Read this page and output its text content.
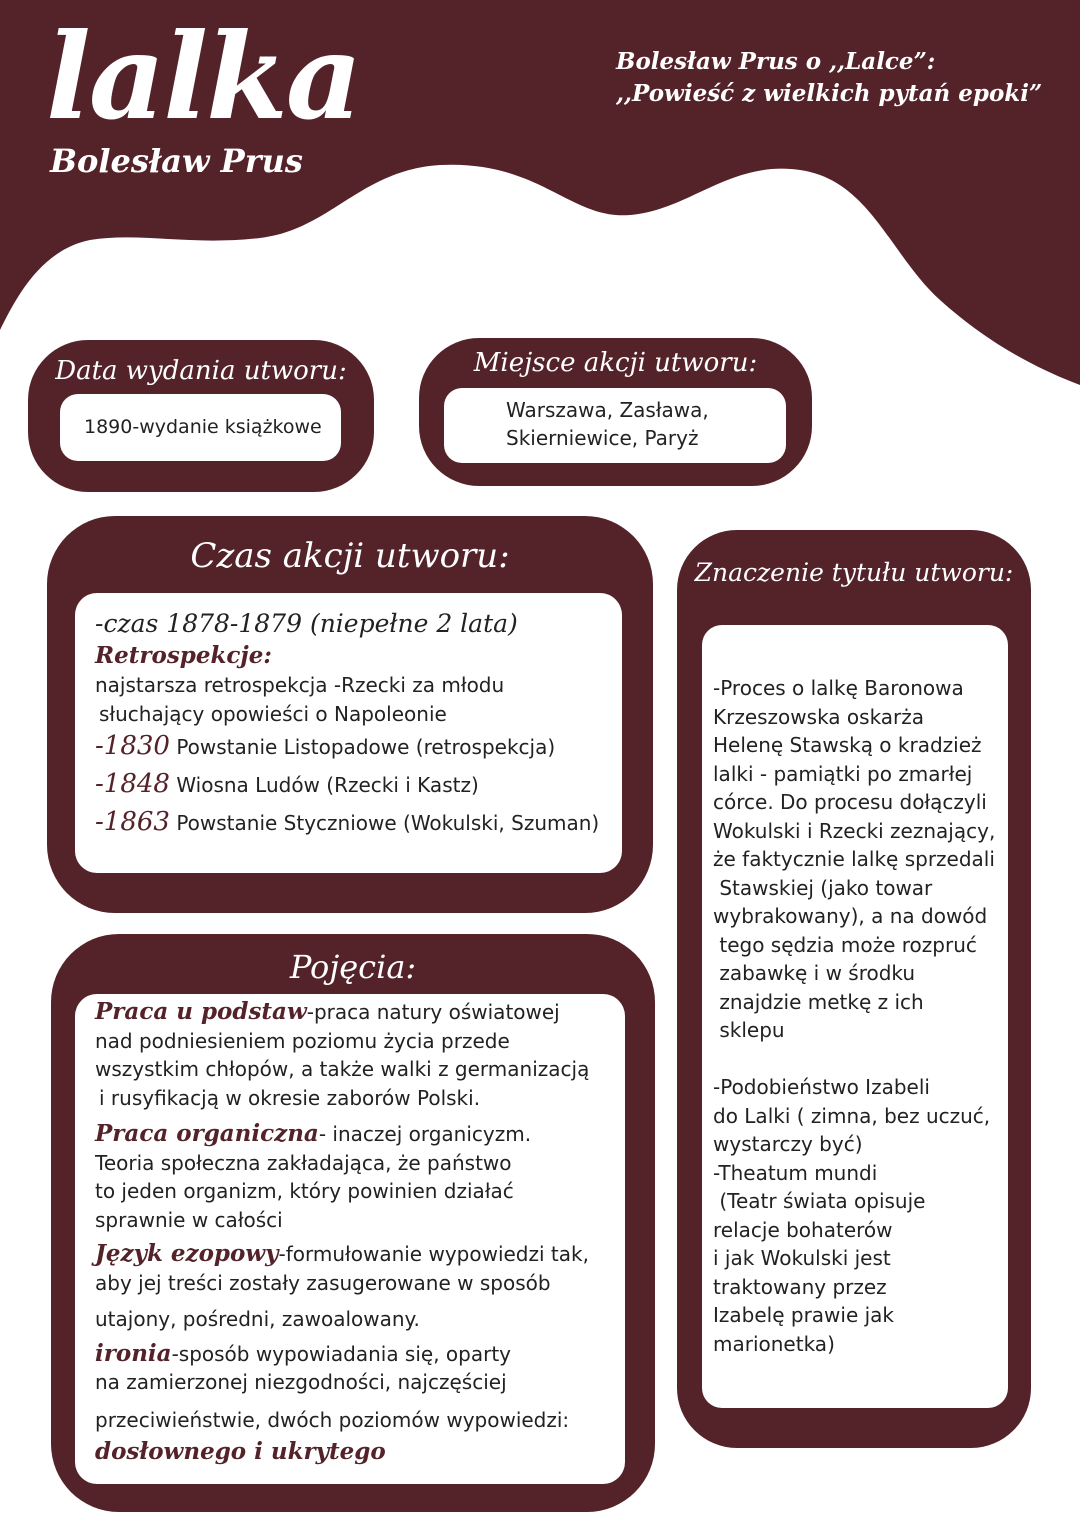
lalka
Bolesław Prus
Bolesław Prus o ,,Lalce”:
,,Powieść z wielkich pytań epoki”
Data wydania utworu:
1890-wydanie książkowe
Miejsce akcji utworu:
Warszawa, Zasława,
Skierniewice, Paryż
Czas akcji utworu:
-czas 1878-1879 (niepełne 2 lata)
Retrospekcje:
najstarsza retrospekcja -Rzecki za młodu
słuchający opowieści o Napoleonie
-1830 Powstanie Listopadowe (retrospekcja)
-1848 Wiosna Ludów (Rzecki i Kastz)
-1863 Powstanie Styczniowe (Wokulski, Szuman)
Znaczenie tytułu utworu:
-Proces o lalkę Baronowa
Krzeszowska oskarża
Helenę Stawską o kradzież
lalki - pamiątki po zmarłej
córce. Do procesu dołączyli
Wokulski i Rzecki zeznający,
że faktycznie lalkę sprzedali
Stawskiej (jako towar
wybrakowany), a na dowód
tego sędzia może rozpruć
zabawkę i w środku
znajdzie metkę z ich
sklepu
-Podobieństwo Izabeli
do Lalki ( zimna, bez uczuć,
wystarczy być)
-Theatum mundi
(Teatr świata opisuje
relacje bohaterów
i jak Wokulski jest
traktowany przez
Izabelę prawie jak
marionetka)
Pojęcia:
Praca u podstaw-praca natury oświatowej
nad podniesieniem poziomu życia przede
wszystkim chłopów, a także walki z germanizacją
i rusyfikacją w okresie zaborów Polski.
Praca organiczna- inaczej organicyzm.
Teoria społeczna zakładająca, że państwo
to jeden organizm, który powinien działać
sprawnie w całości
Język ezopowy-formułowanie wypowiedzi tak,
aby jej treści zostały zasugerowane w sposób
utajony, pośredni, zawoalowany.
ironia-sposób wypowiadania się, oparty
na zamierzonej niezgodności, najczęściej
przeciwieństwie, dwóch poziomów wypowiedzi:
dosłownego i ukrytego
